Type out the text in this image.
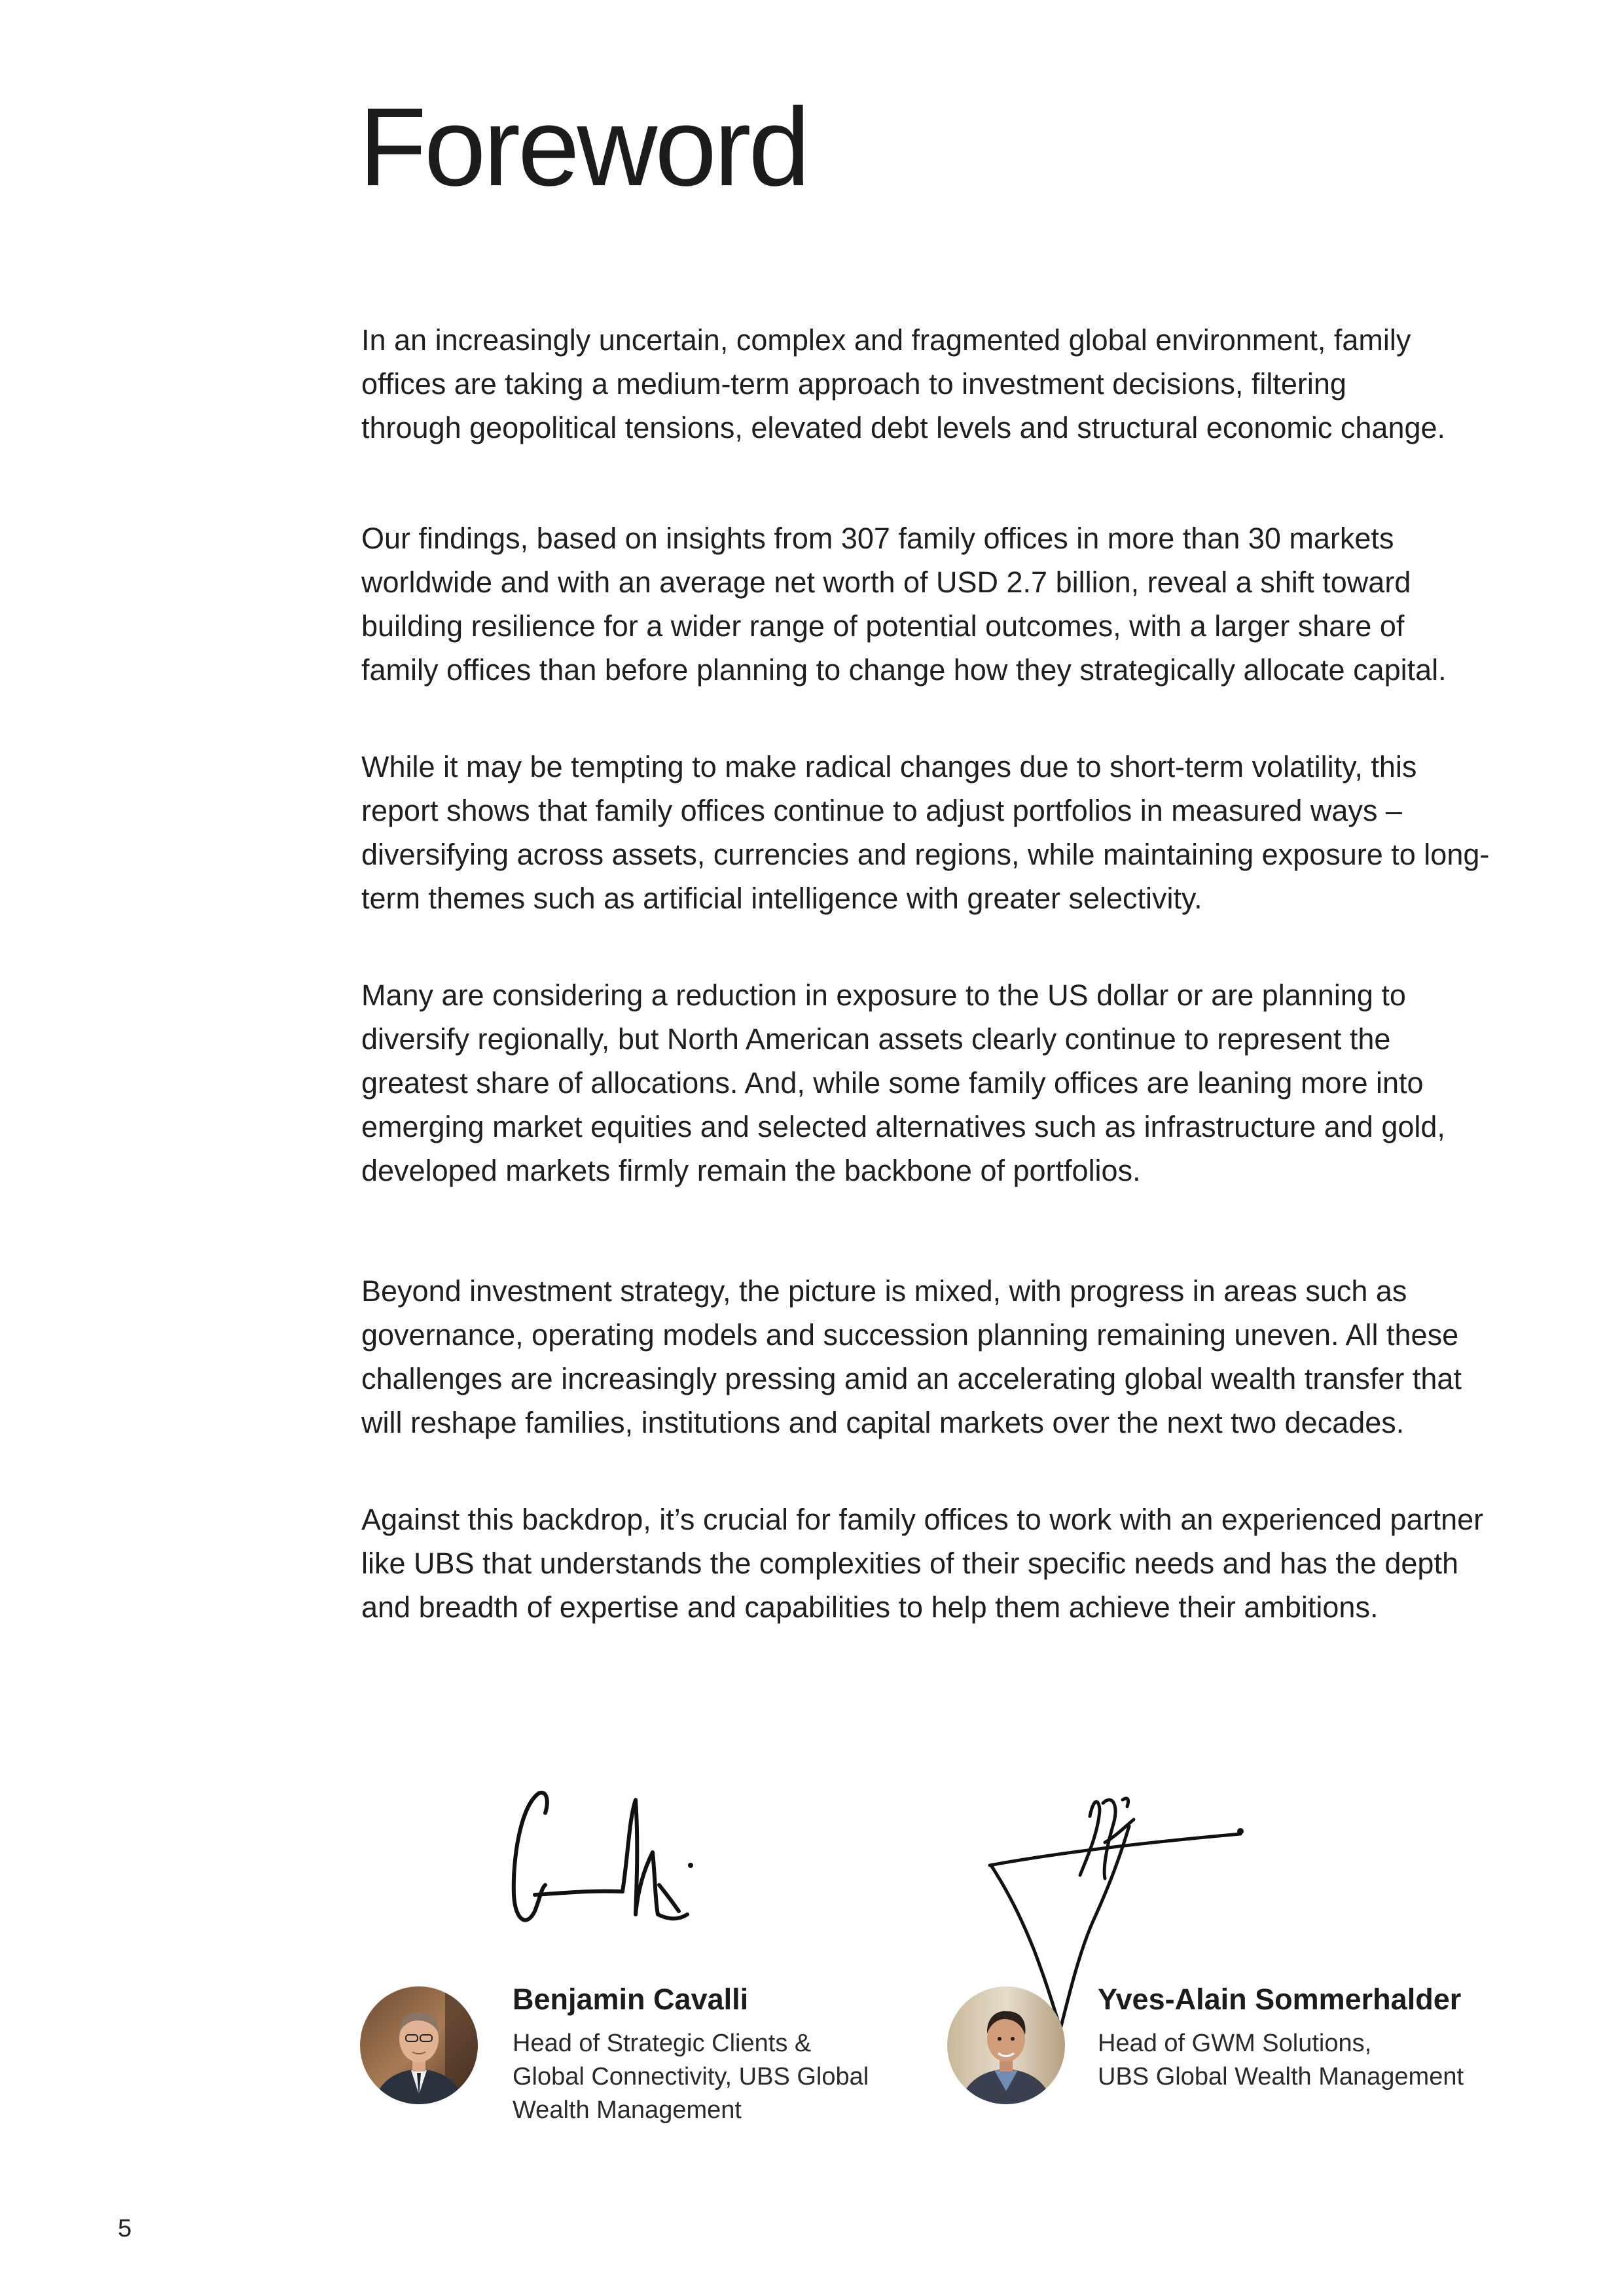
Foreword

In an increasingly uncertain, complex and fragmented global environment, family
offices are taking a medium-term approach to investment decisions, filtering
through geopolitical tensions, elevated debt levels and structural economic change.

Our findings, based on insights from 307 family offices in more than 30 markets
worldwide and with an average net worth of USD 2.7 billion, reveal a shift toward
building resilience for a wider range of potential outcomes, with a larger share of
family offices than before planning to change how they strategically allocate capital.

While it may be tempting to make radical changes due to short-term volatility, this
report shows that family offices continue to adjust portfolios in measured ways –
diversifying across assets, currencies and regions, while maintaining exposure to long-
term themes such as artificial intelligence with greater selectivity.

Many are considering a reduction in exposure to the US dollar or are planning to
diversify regionally, but North American assets clearly continue to represent the
greatest share of allocations. And, while some family offices are leaning more into
emerging market equities and selected alternatives such as infrastructure and gold,
developed markets firmly remain the backbone of portfolios.

Beyond investment strategy, the picture is mixed, with progress in areas such as
governance, operating models and succession planning remaining uneven. All these
challenges are increasingly pressing amid an accelerating global wealth transfer that
will reshape families, institutions and capital markets over the next two decades.

Against this backdrop, it’s crucial for family offices to work with an experienced partner
like UBS that understands the complexities of their specific needs and has the depth
and breadth of expertise and capabilities to help them achieve their ambitions.

Benjamin Cavalli

Head of Strategic Clients &
Global Connectivity, UBS Global
Wealth Management

Yves-Alain Sommerhalder

Head of GWM Solutions,
UBS Global Wealth Management

5
